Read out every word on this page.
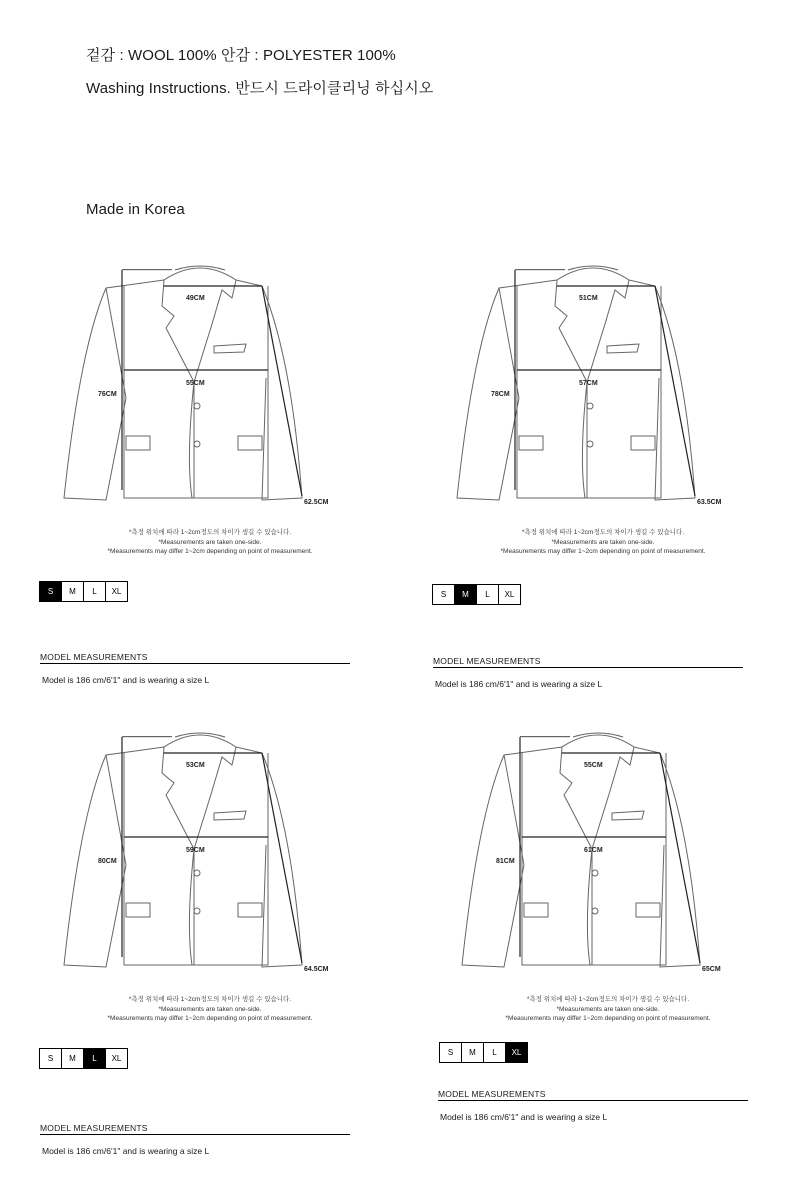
겉감 : WOOL 100% 안감 : POLYESTER 100%
Washing Instructions. 반드시 드라이클리닝 하십시오
Made in Korea
49CM
55CM
76CM
62.5CM
*측정 위치에 따라 1~2cm정도의 차이가 생길 수 있습니다.
*Measurements are taken one-side.
*Measurements may differ 1~2cm depending on point of measurement.
S	M	L	XL
MODEL MEASUREMENTS
Model is 186 cm/6'1" and is wearing a size L
51CM
57CM
78CM
63.5CM
*측정 위치에 따라 1~2cm정도의 차이가 생길 수 있습니다.
*Measurements are taken one-side.
*Measurements may differ 1~2cm depending on point of measurement.
S	M	L	XL
MODEL MEASUREMENTS
Model is 186 cm/6'1" and is wearing a size L
53CM
59CM
80CM
64.5CM
*측정 위치에 따라 1~2cm정도의 차이가 생길 수 있습니다.
*Measurements are taken one-side.
*Measurements may differ 1~2cm depending on point of measurement.
S	M	L	XL
MODEL MEASUREMENTS
Model is 186 cm/6'1" and is wearing a size L
55CM
61CM
81CM
65CM
*측정 위치에 따라 1~2cm정도의 차이가 생길 수 있습니다.
*Measurements are taken one-side.
*Measurements may differ 1~2cm depending on point of measurement.
S	M	L	XL
MODEL MEASUREMENTS
Model is 186 cm/6'1" and is wearing a size L
